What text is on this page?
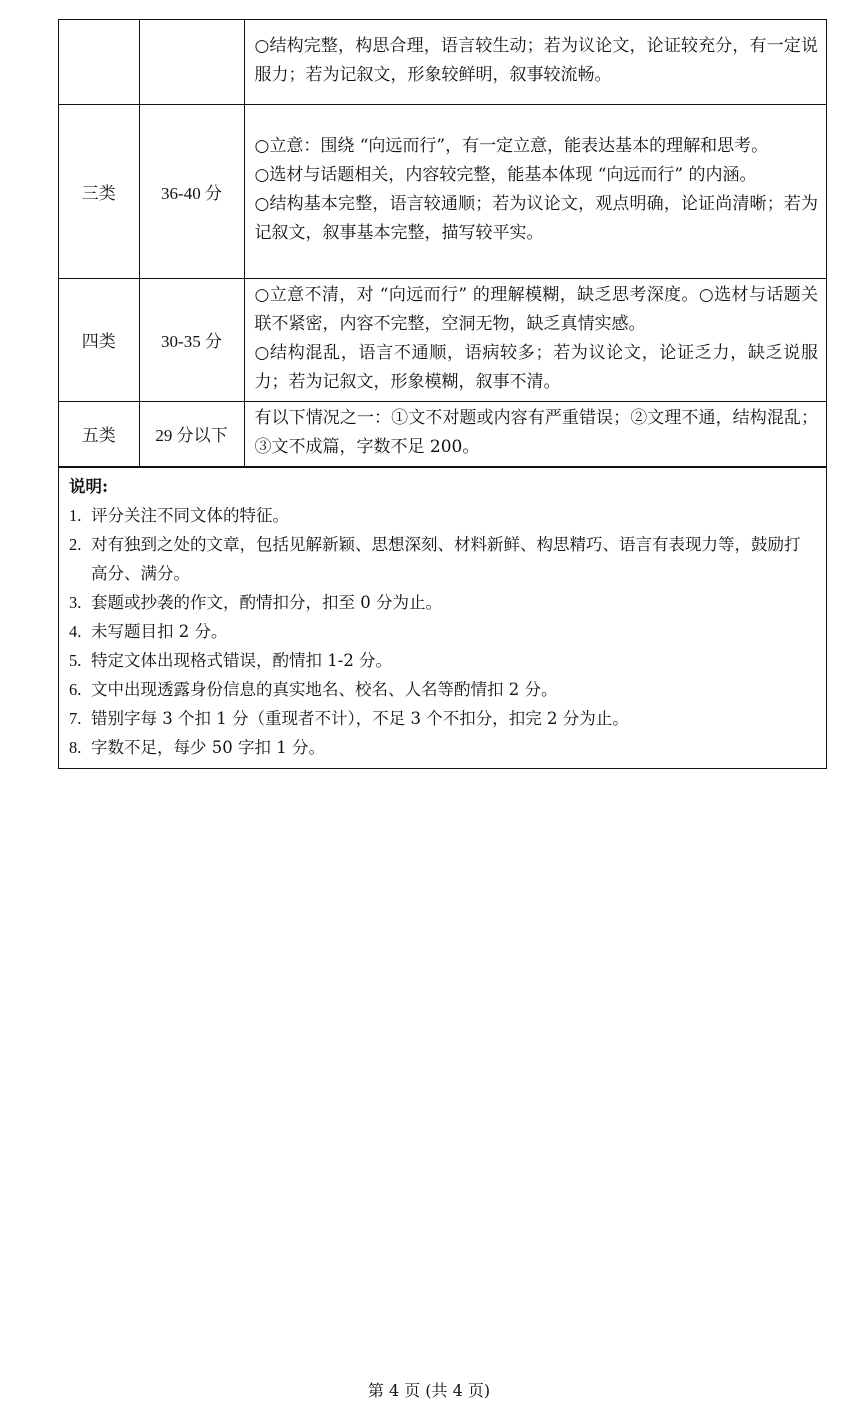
		○结构完整，构思合理，语言较生动；若为议论文，论证较充分，有一定说服力；若为记叙文，形象较鲜明，叙事较流畅。

三类	36-40 分	○立意：围绕 “向远而行”，有一定立意，能表达基本的理解和思考。
○选材与话题相关，内容较完整，能基本体现 “向远而行” 的内涵。
○结构基本完整，语言较通顺；若为议论文，观点明确，论证尚清晰；若为记叙文，叙事基本完整，描写较平实。

四类	30-35 分	○立意不清，对 “向远而行” 的理解模糊，缺乏思考深度。○选材与话题关联不紧密，内容不完整，空洞无物，缺乏真情实感。
○结构混乱，语言不通顺，语病较多；若为议论文，论证乏力，缺乏说服力；若为记叙文，形象模糊，叙事不清。

五类	29 分以下	有以下情况之一：①文不对题或内容有严重错误；②文理不通，结构混乱；③文不成篇，字数不足 200。
说明:
1. 评分关注不同文体的特征。
2. 对有独到之处的文章，包括见解新颖、思想深刻、材料新鲜、构思精巧、语言有表现力等，鼓励打高分、满分。
3. 套题或抄袭的作文，酌情扣分，扣至 0 分为止。
4. 未写题目扣 2 分。
5. 特定文体出现格式错误，酌情扣 1-2 分。
6. 文中出现透露身份信息的真实地名、校名、人名等酌情扣 2 分。
7. 错别字每 3 个扣 1 分（重现者不计），不足 3 个不扣分，扣完 2 分为止。
8. 字数不足，每少 50 字扣 1 分。
第 4 页 (共 4 页)
